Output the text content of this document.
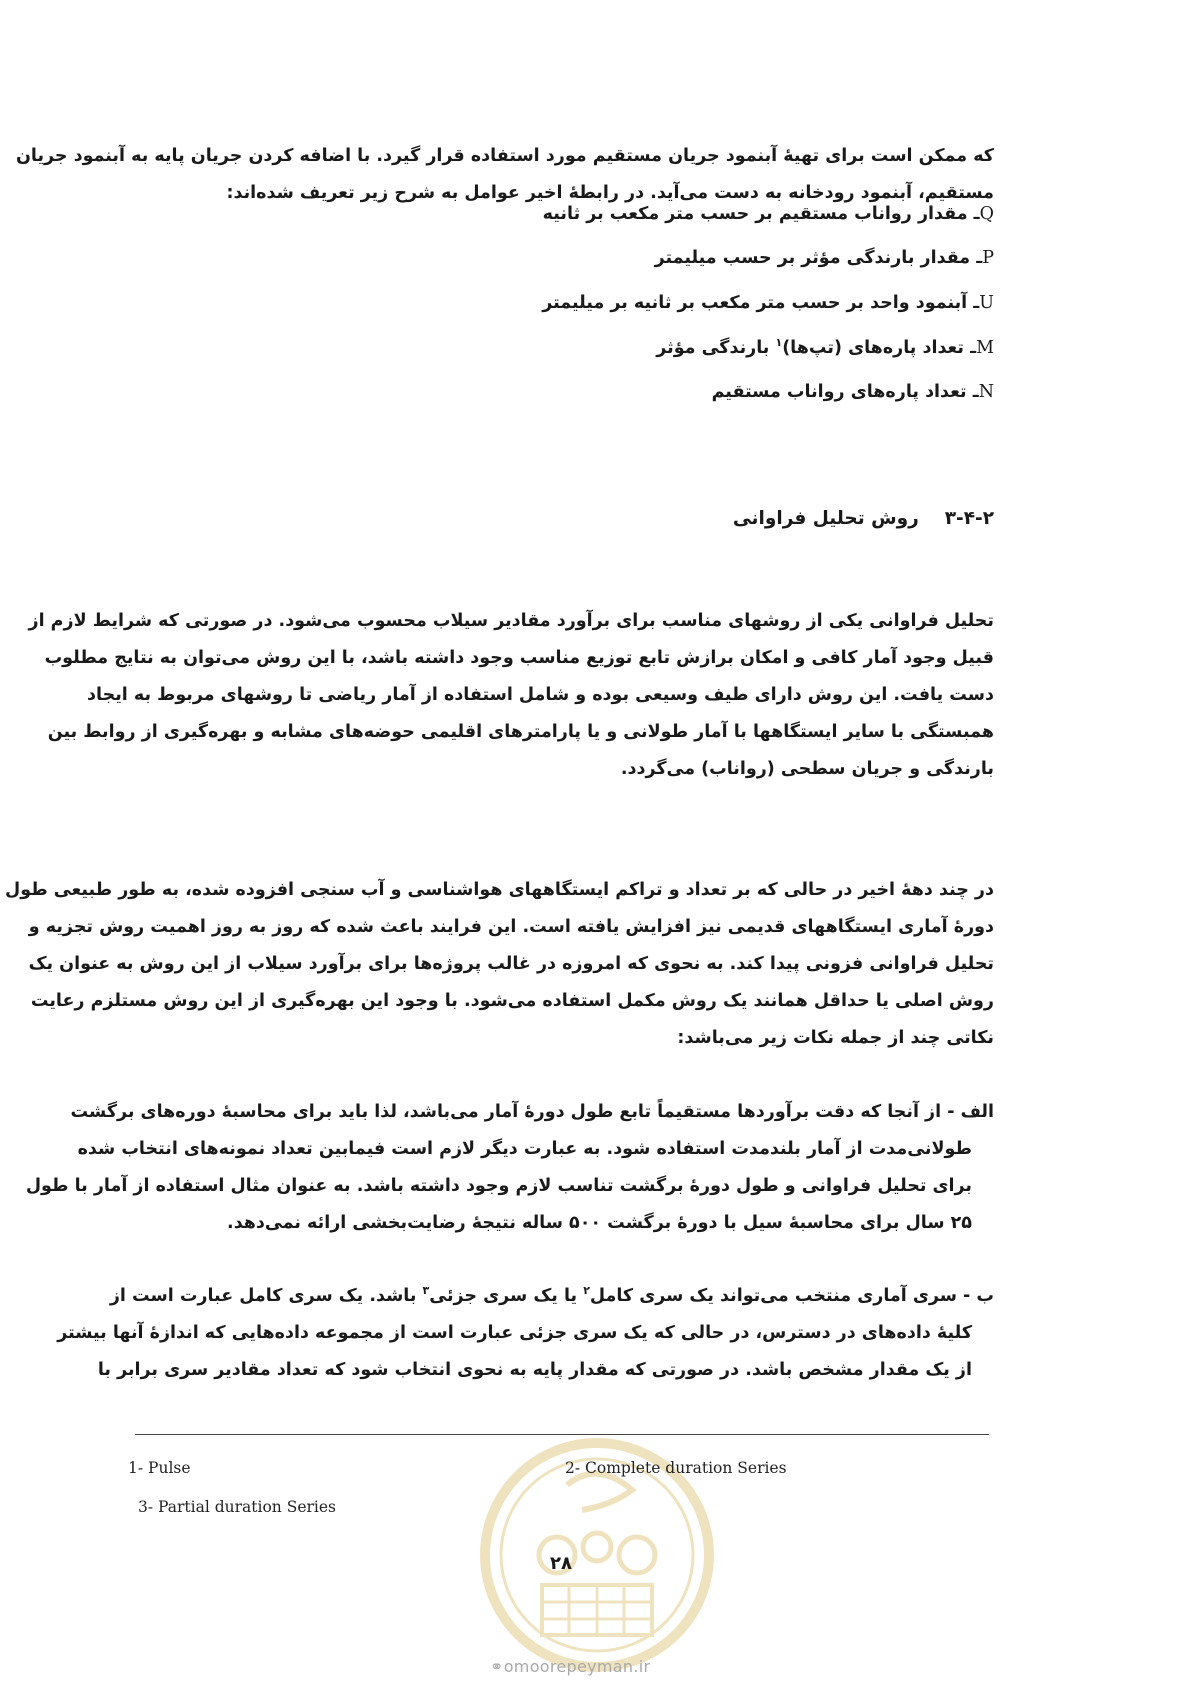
که ممکن است برای تهیهٔ آبنمود جریان مستقیم مورد استفاده قرار گیرد. با اضافه کردن جریان پایه به آبنمود جریان
مستقیم، آبنمود رودخانه به دست می‌آید. در رابطهٔ اخیر عوامل به شرح زیر تعریف شده‌اند:
Qـ مقدار رواناب مستقیم بر حسب متر مکعب بر ثانیه
Pـ مقدار بارندگی مؤثر بر حسب میلیمتر
Uـ آبنمود واحد بر حسب متر مکعب بر ثانیه بر میلیمتر
Mـ تعداد پاره‌های (تپ‌ها)$^۱$ بارندگی مؤثر
Nـ تعداد پاره‌های رواناب مستقیم
۳-۴-۲روش تحلیل فراوانی
تحلیل فراوانی یکی از روشهای مناسب برای برآورد مقادیر سیلاب محسوب می‌شود. در صورتی که شرایط لازم از
قبیل وجود آمار کافی و امکان برازش تابع توزیع مناسب وجود داشته باشد، با این روش می‌توان به نتایج مطلوب
دست یافت. این روش دارای طیف وسیعی بوده و شامل استفاده از آمار ریاضی تا روشهای مربوط به ایجاد
همبستگی با سایر ایستگاهها با آمار طولانی و یا پارامترهای اقلیمی حوضه‌های مشابه و بهره‌گیری از روابط بین
بارندگی و جریان سطحی (رواناب) می‌گردد.
در چند دههٔ اخیر در حالی که بر تعداد و تراکم ایستگاههای هواشناسی و آب سنجی افزوده شده، به طور طبیعی طول
دورهٔ آماری ایستگاههای قدیمی نیز افزایش یافته است. این فرایند باعث شده که روز به روز اهمیت روش تجزیه و
تحلیل فراوانی فزونی پیدا کند. به نحوی که امروزه در غالب پروژه‌ها برای برآورد سیلاب از این روش به عنوان یک
روش اصلی یا حداقل همانند یک روش مکمل استفاده می‌شود. با وجود این بهره‌گیری از این روش مستلزم رعایت
نکاتی چند از جمله نکات زیر می‌باشد:
الف - از آنجا که دقت برآوردها مستقیماً تابع طول دورهٔ آمار می‌باشد، لذا باید برای محاسبهٔ دوره‌های برگشت
طولانی‌مدت از آمار بلندمدت استفاده شود. به عبارت دیگر لازم است فیمابین تعداد نمونه‌های انتخاب شده
برای تحلیل فراوانی و طول دورهٔ برگشت تناسب لازم وجود داشته باشد. به عنوان مثال استفاده از آمار با طول
۲۵ سال برای محاسبهٔ سیل با دورهٔ برگشت ۵۰۰ ساله نتیجهٔ رضایت‌بخشی ارائه نمی‌دهد.
ب - سری آماری منتخب می‌تواند یک سری کامل$^۲$ یا یک سری جزئی$^۳$ باشد. یک سری کامل عبارت است از
کلیهٔ داده‌های در دسترس، در حالی که یک سری جزئی عبارت است از مجموعه داده‌هایی که اندازهٔ آنها بیشتر
از یک مقدار مشخص باشد. در صورتی که مقدار پایه به نحوی انتخاب شود که تعداد مقادیر سری برابر با
1- Pulse	2- Complete duration Series
3- Partial duration Series
۲۸
⚭omoorepeyman.ir
